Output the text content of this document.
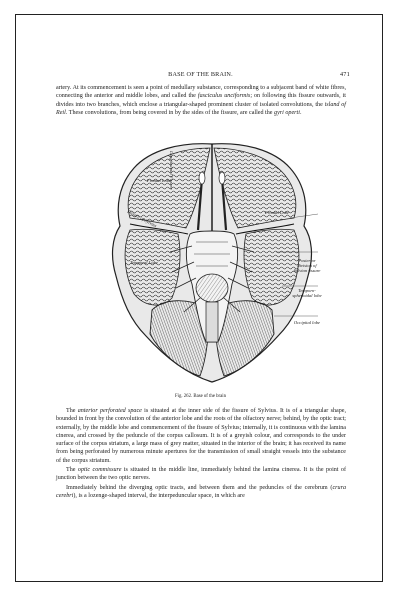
BASE OF THE BRAIN.	471

artery. At its commencement is seen a point of medullary substance, corresponding to a subjacent band of white fibres, connecting the anterior and middle lobes, and called the fasciculus unciformis; on following this fissure outwards, it divides into two branches, which enclose a triangular-shaped prominent cluster of isolated convolutions, the island of Reil. These convolutions, from being covered in by the sides of the fissure, are called the gyri operti.

Longitudinal Fissure
Frontal Lobe
Frontal Lobe
Fissure of Sylvius
Temporal Lobe	Posterior division of Sylvian fissure
Temporo-sphenoidal lobe
Occipital lobe
Fig. 262. Base of the brain

The anterior perforated space is situated at the inner side of the fissure of Sylvius. It is of a triangular shape, bounded in front by the convolution of the anterior lobe and the roots of the olfactory nerve; behind, by the optic tract; externally, by the middle lobe and commencement of the fissure of Sylvius; internally, it is continuous with the lamina cinerea, and crossed by the peduncle of the corpus callosum. It is of a greyish colour, and corresponds to the under surface of the corpus striatum, a large mass of grey matter, situated in the interior of the brain; it has received its name from being perforated by numerous minute apertures for the transmission of small straight vessels into the substance of the corpus striatum.

The optic commissure is situated in the middle line, immediately behind the lamina cinerea. It is the point of junction between the two optic nerves.

Immediately behind the diverging optic tracts, and between them and the peduncles of the cerebrum (crura cerebri), is a lozenge-shaped interval, the interpeduncular space, in which are
